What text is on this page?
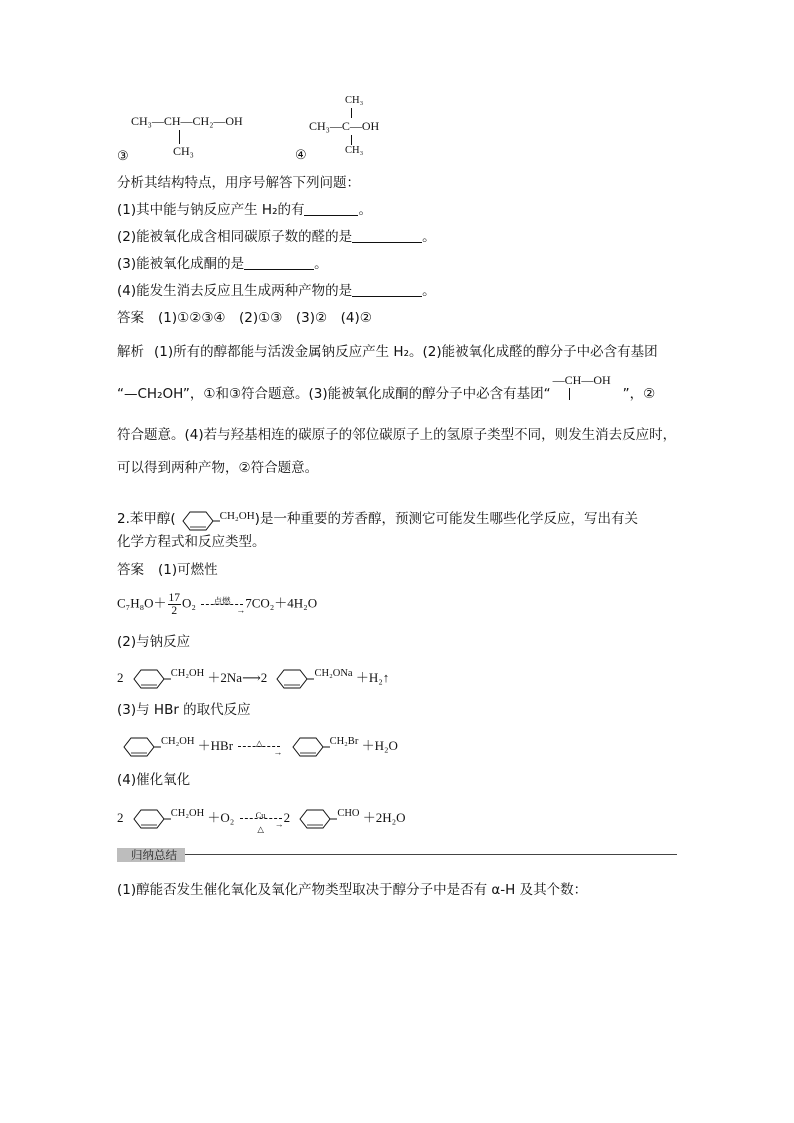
CH₃—CH—CH₂—OH
CH₃
③
CH₃
CH₃—C—OH
CH₃
④
分析其结构特点，用序号解答下列问题：
(1)其中能与钠反应产生 H₂的有	。
(2)能被氧化成含相同碳原子数的醛的是	。
(3)能被氧化成酮的是	。
(4)能发生消去反应且生成两种产物的是	。
答案 (1)①②③④　(2)①③　(3)②　(4)②
解析 (1)所有的醇都能与活泼金属钠反应产生 H₂。(2)能被氧化成醛的醇分子中必含有基团
“—CH₂OH”，①和③符合题意。(3)能被氧化成酮的醇分子中必含有基团“
—CH—OH
”，②
符合题意。(4)若与羟基相连的碳原子的邻位碳原子上的氢原子类型不同，则发生消去反应时，
可以得到两种产物，②符合题意。
2.苯甲醇(	$^{CH_2OH}$)是一种重要的芳香醇，预测它可能发生哪些化学反应，写出有关
化学方程式和反应类型。
答案 (1)可燃性
$C_7H_8O+ \frac{17}{2} O_2$	点燃
→ 7CO₂＋4H₂O
(2)与钠反应
2	$^{CH_2OH}$ ＋2Na⟶2	$^{CH_2ONa}$ ＋H₂↑
(3)与 HBr 的取代反应
$^{CH_2OH}$ ＋HBr	△
→
$^{CH_2Br}$ ＋H₂O
(4)催化氧化
2	$^{CH_2OH}$ ＋O₂	Cu
→
△
2	$^{CHO}$ ＋2H₂O
归纳总结
(1)醇能否发生催化氧化及氧化产物类型取决于醇分子中是否有 α-H 及其个数：
